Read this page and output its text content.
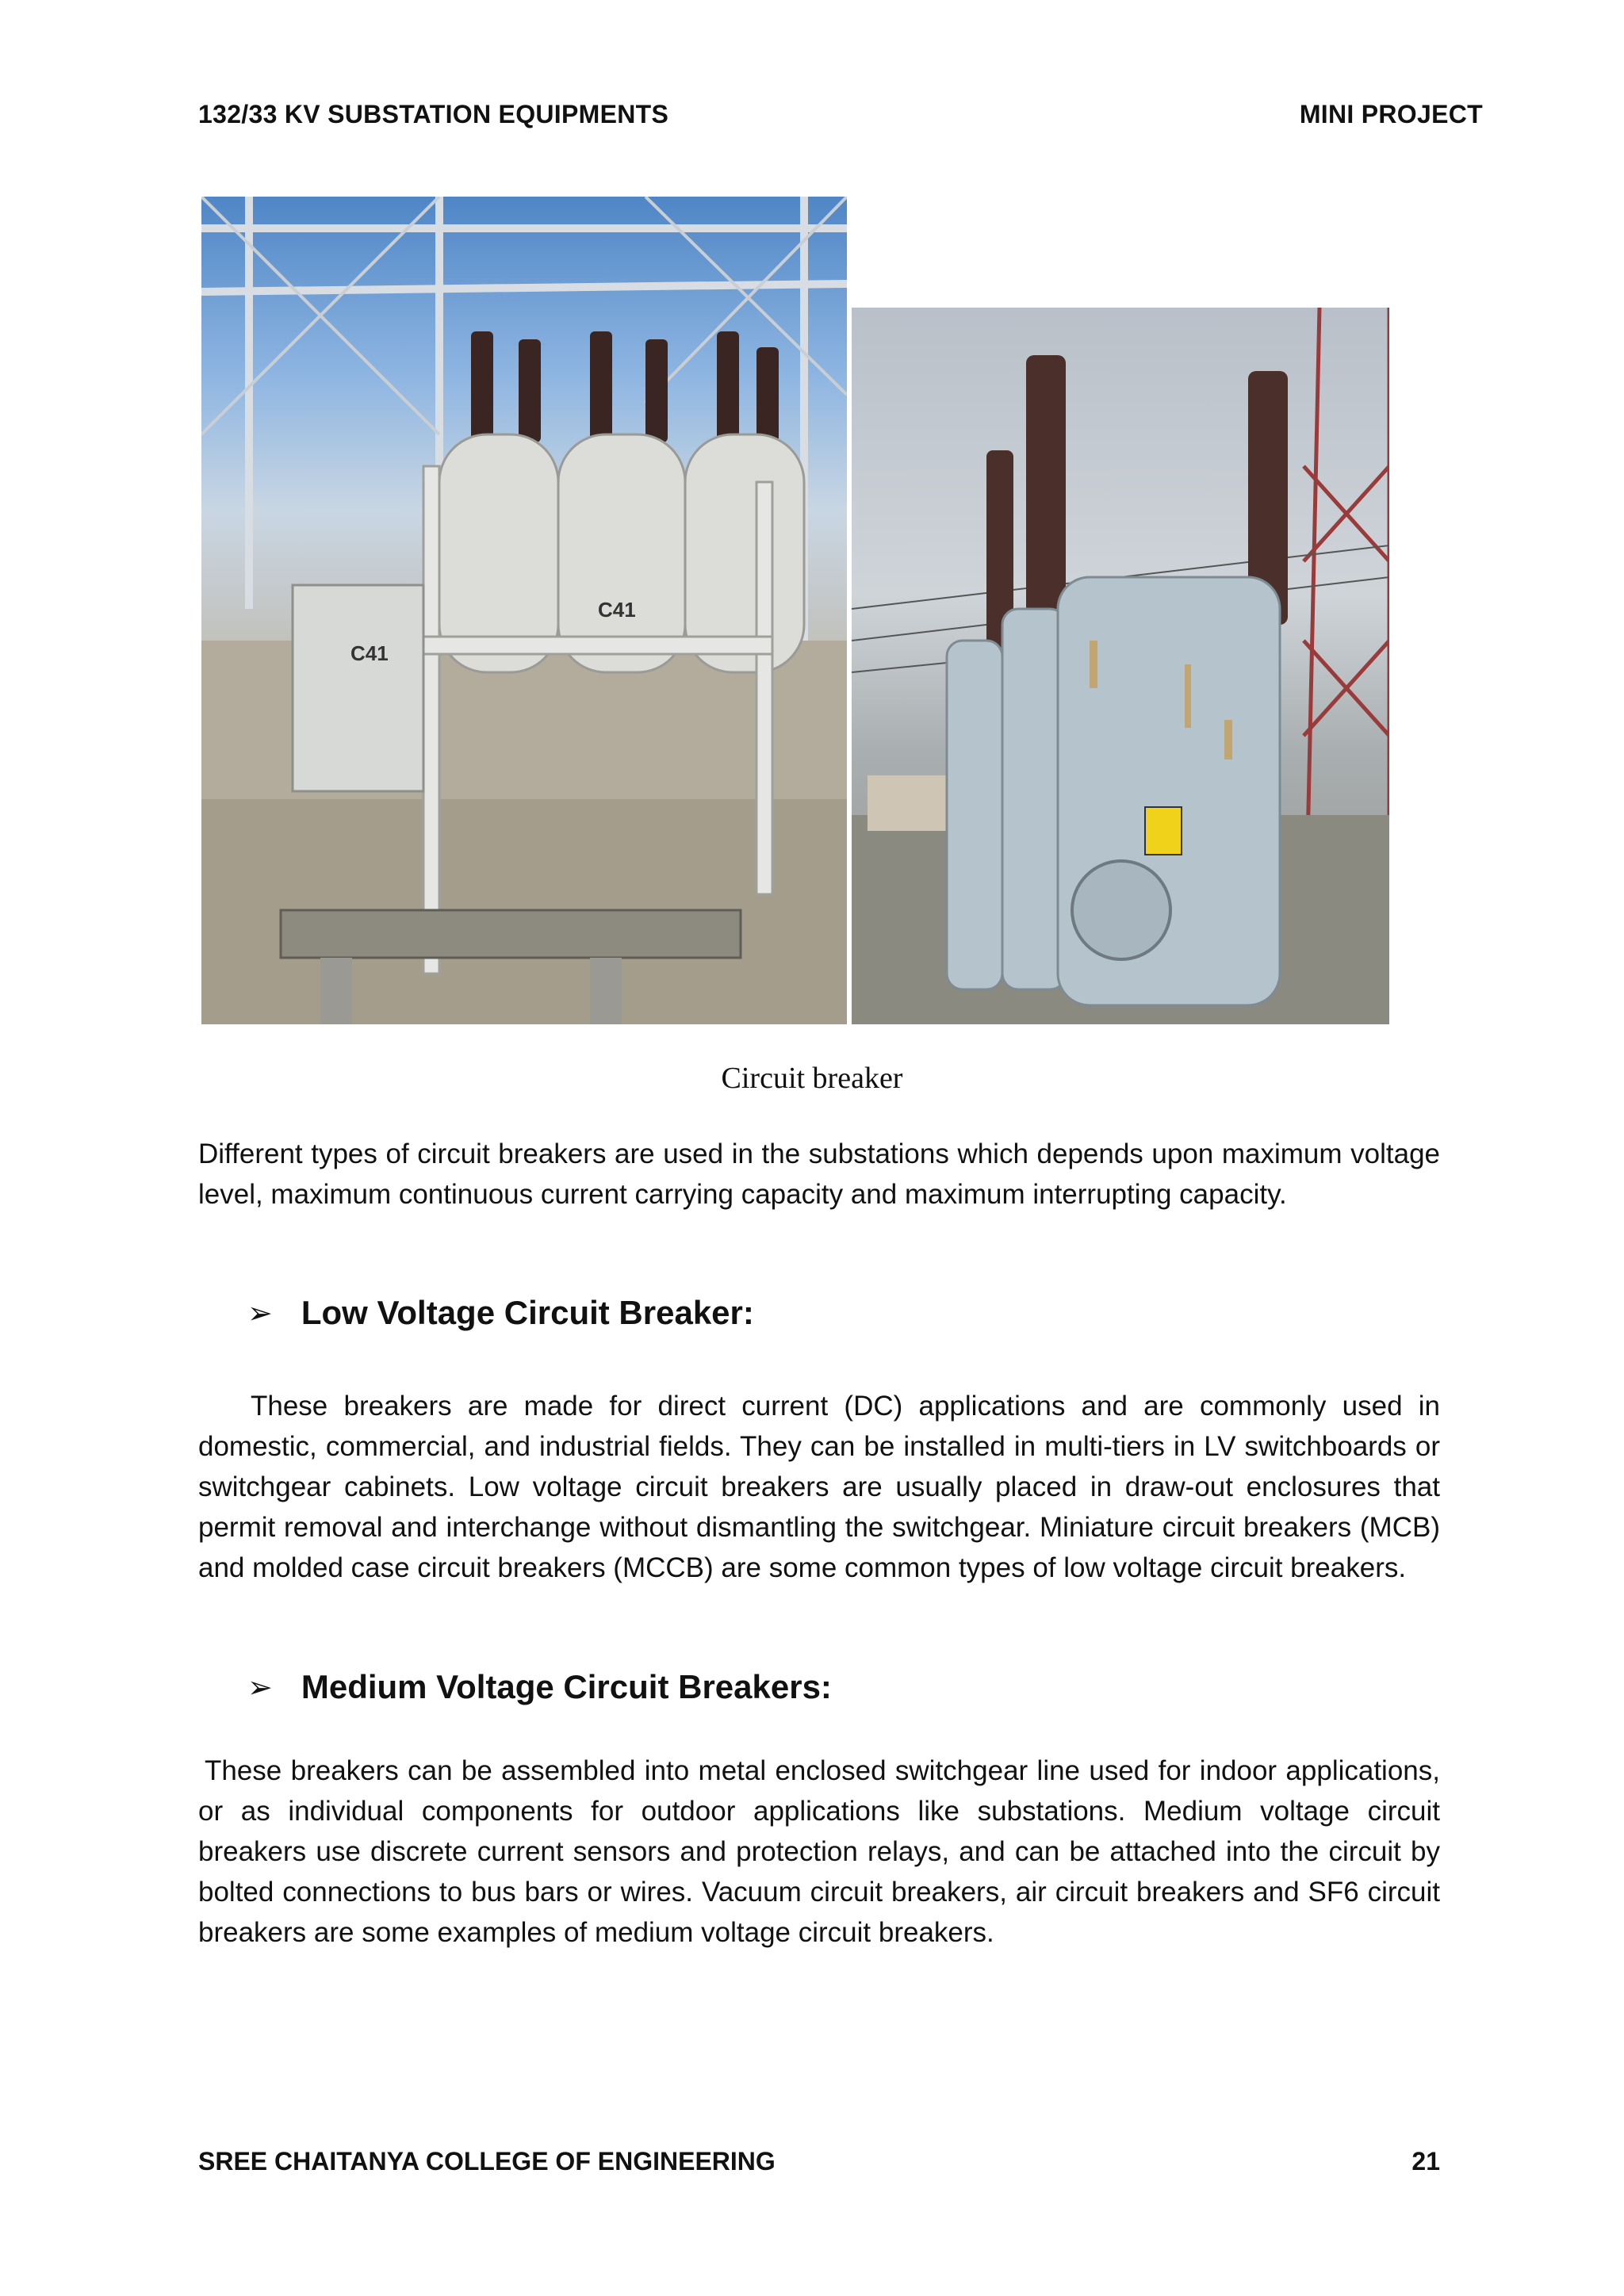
132/33 KV SUBSTATION EQUIPMENTS	MINI PROJECT
C41
C41
Circuit breaker

Different types of circuit breakers are used in the substations which depends upon maximum voltage level, maximum continuous current carrying capacity and maximum interrupting capacity.

➢ Low Voltage Circuit Breaker:

These breakers are made for direct current (DC) applications and are commonly used in domestic, commercial, and industrial fields. They can be installed in multi-tiers in LV switchboards or switchgear cabinets. Low voltage circuit breakers are usually placed in draw-out enclosures that permit removal and interchange without dismantling the switchgear. Miniature circuit breakers (MCB) and molded case circuit breakers (MCCB) are some common types of low voltage circuit breakers.

➢ Medium Voltage Circuit Breakers:

These breakers can be assembled into metal enclosed switchgear line used for indoor applications, or as individual components for outdoor applications like substations. Medium voltage circuit breakers use discrete current sensors and protection relays, and can be attached into the circuit by bolted connections to bus bars or wires. Vacuum circuit breakers, air circuit breakers and SF6 circuit breakers are some examples of medium voltage circuit breakers.

SREE CHAITANYA COLLEGE OF ENGINEERING	21
